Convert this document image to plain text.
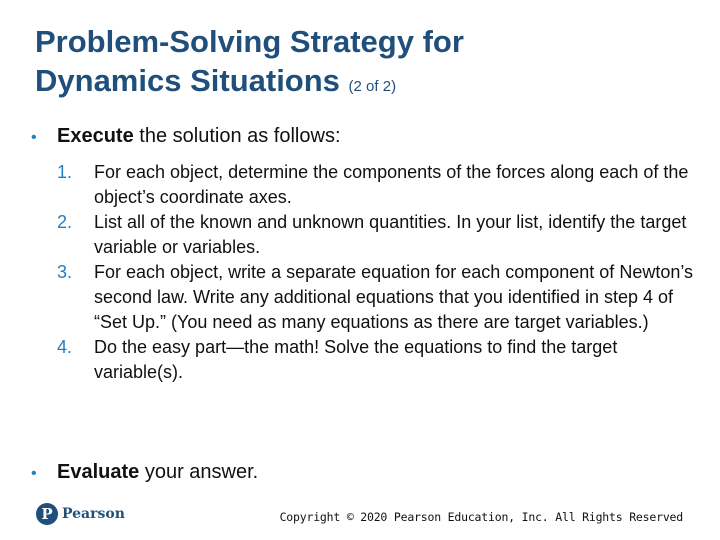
Problem-Solving Strategy for
Dynamics Situations (2 of 2)
• Execute the solution as follows:
1.	For each object, determine the components of the forces along each of the object’s coordinate axes.
2.	List all of the known and unknown quantities. In your list, identify the target variable or variables.
3.	For each object, write a separate equation for each component of Newton’s second law. Write any additional equations that you identified in step 4 of “Set Up.” (You need as many equations as there are target variables.)
4.	Do the easy part—the math! Solve the equations to find the target variable(s).
• Evaluate your answer.
P Pearson	Copyright © 2020 Pearson Education, Inc. All Rights Reserved
